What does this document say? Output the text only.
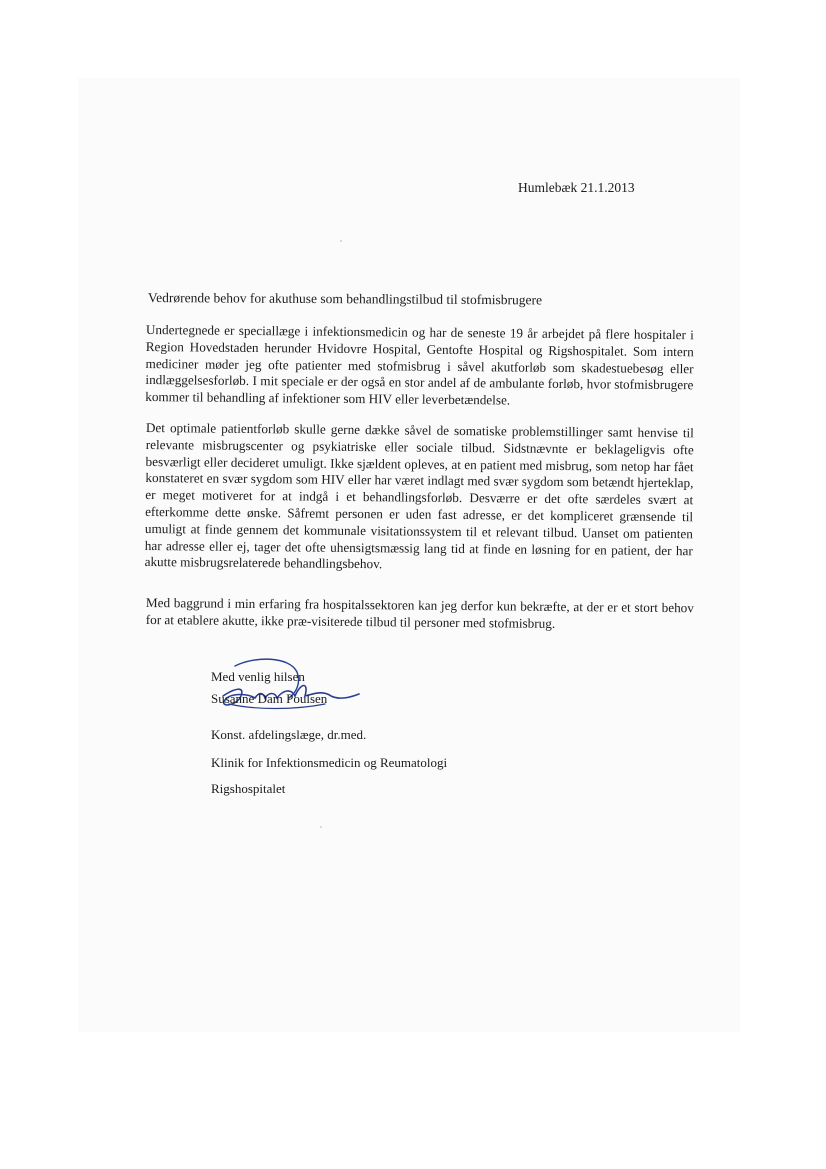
Humlebæk 21.1.2013
Vedrørende behov for akuthuse som behandlingstilbud til stofmisbrugere
Undertegnede er speciallæge i infektionsmedicin og har de seneste 19 år arbejdet på flere hospitaler i Region Hovedstaden herunder Hvidovre Hospital, Gentofte Hospital og Rigshospitalet. Som intern mediciner møder jeg ofte patienter med stofmisbrug i såvel akutforløb som skadestuebesøg eller indlæggelsesforløb. I mit speciale er der også en stor andel af de ambulante forløb, hvor stofmisbrugere kommer til behandling af infektioner som HIV eller leverbetændelse.
Det optimale patientforløb skulle gerne dække såvel de somatiske problemstillinger samt henvise til relevante misbrugscenter og psykiatriske eller sociale tilbud. Sidstnævnte er beklageligvis ofte besværligt eller decideret umuligt. Ikke sjældent opleves, at en patient med misbrug, som netop har fået konstateret en svær sygdom som HIV eller har været indlagt med svær sygdom som betændt hjerteklap, er meget motiveret for at indgå i et behandlingsforløb. Desværre er det ofte særdeles svært at efterkomme dette ønske. Såfremt personen er uden fast adresse, er det kompliceret grænsende til umuligt at finde gennem det kommunale visitationssystem til et relevant tilbud. Uanset om patienten har adresse eller ej, tager det ofte uhensigtsmæssig lang tid at finde en løsning for en patient, der har akutte misbrugsrelaterede behandlingsbehov.
Med baggrund i min erfaring fra hospitalssektoren kan jeg derfor kun bekræfte, at der er et stort behov for at etablere akutte, ikke præ-visiterede tilbud til personer med stofmisbrug.
Med venlig hilsen
Susanne Dam Poulsen
Konst. afdelingslæge, dr.med.
Klinik for Infektionsmedicin og Reumatologi
Rigshospitalet
